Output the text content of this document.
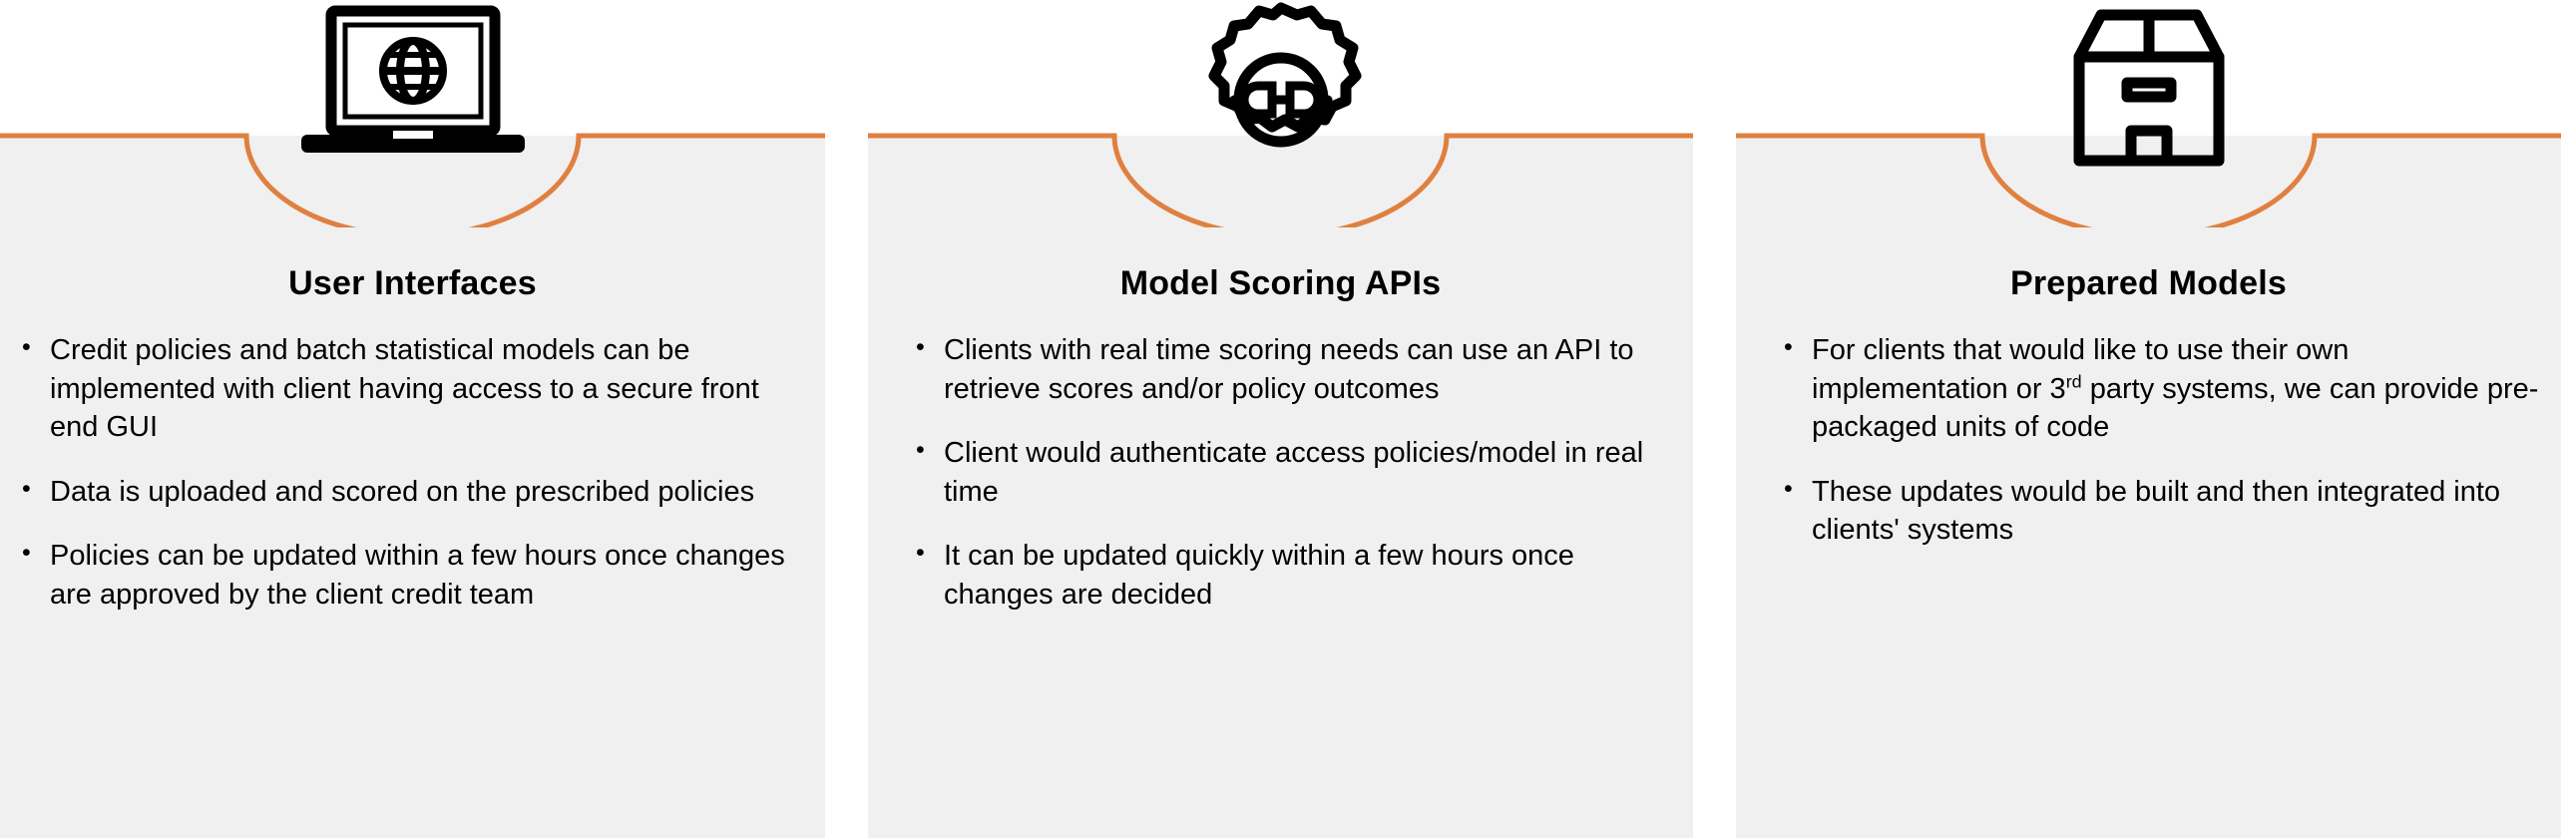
User Interfaces
• Credit policies and batch statistical models can be implemented with client having access to a secure front end GUI
• Data is uploaded and scored on the prescribed policies
• Policies can be updated within a few hours once changes are approved by the client credit team
Model Scoring APIs
• Clients with real time scoring needs can use an API to retrieve scores and/or policy outcomes
• Client would authenticate access policies/model in real time
• It can be updated quickly within a few hours once changes are decided
Prepared Models
• For clients that would like to use their own implementation or 3rd party systems, we can provide pre-packaged units of code
• These updates would be built and then integrated into clients' systems
